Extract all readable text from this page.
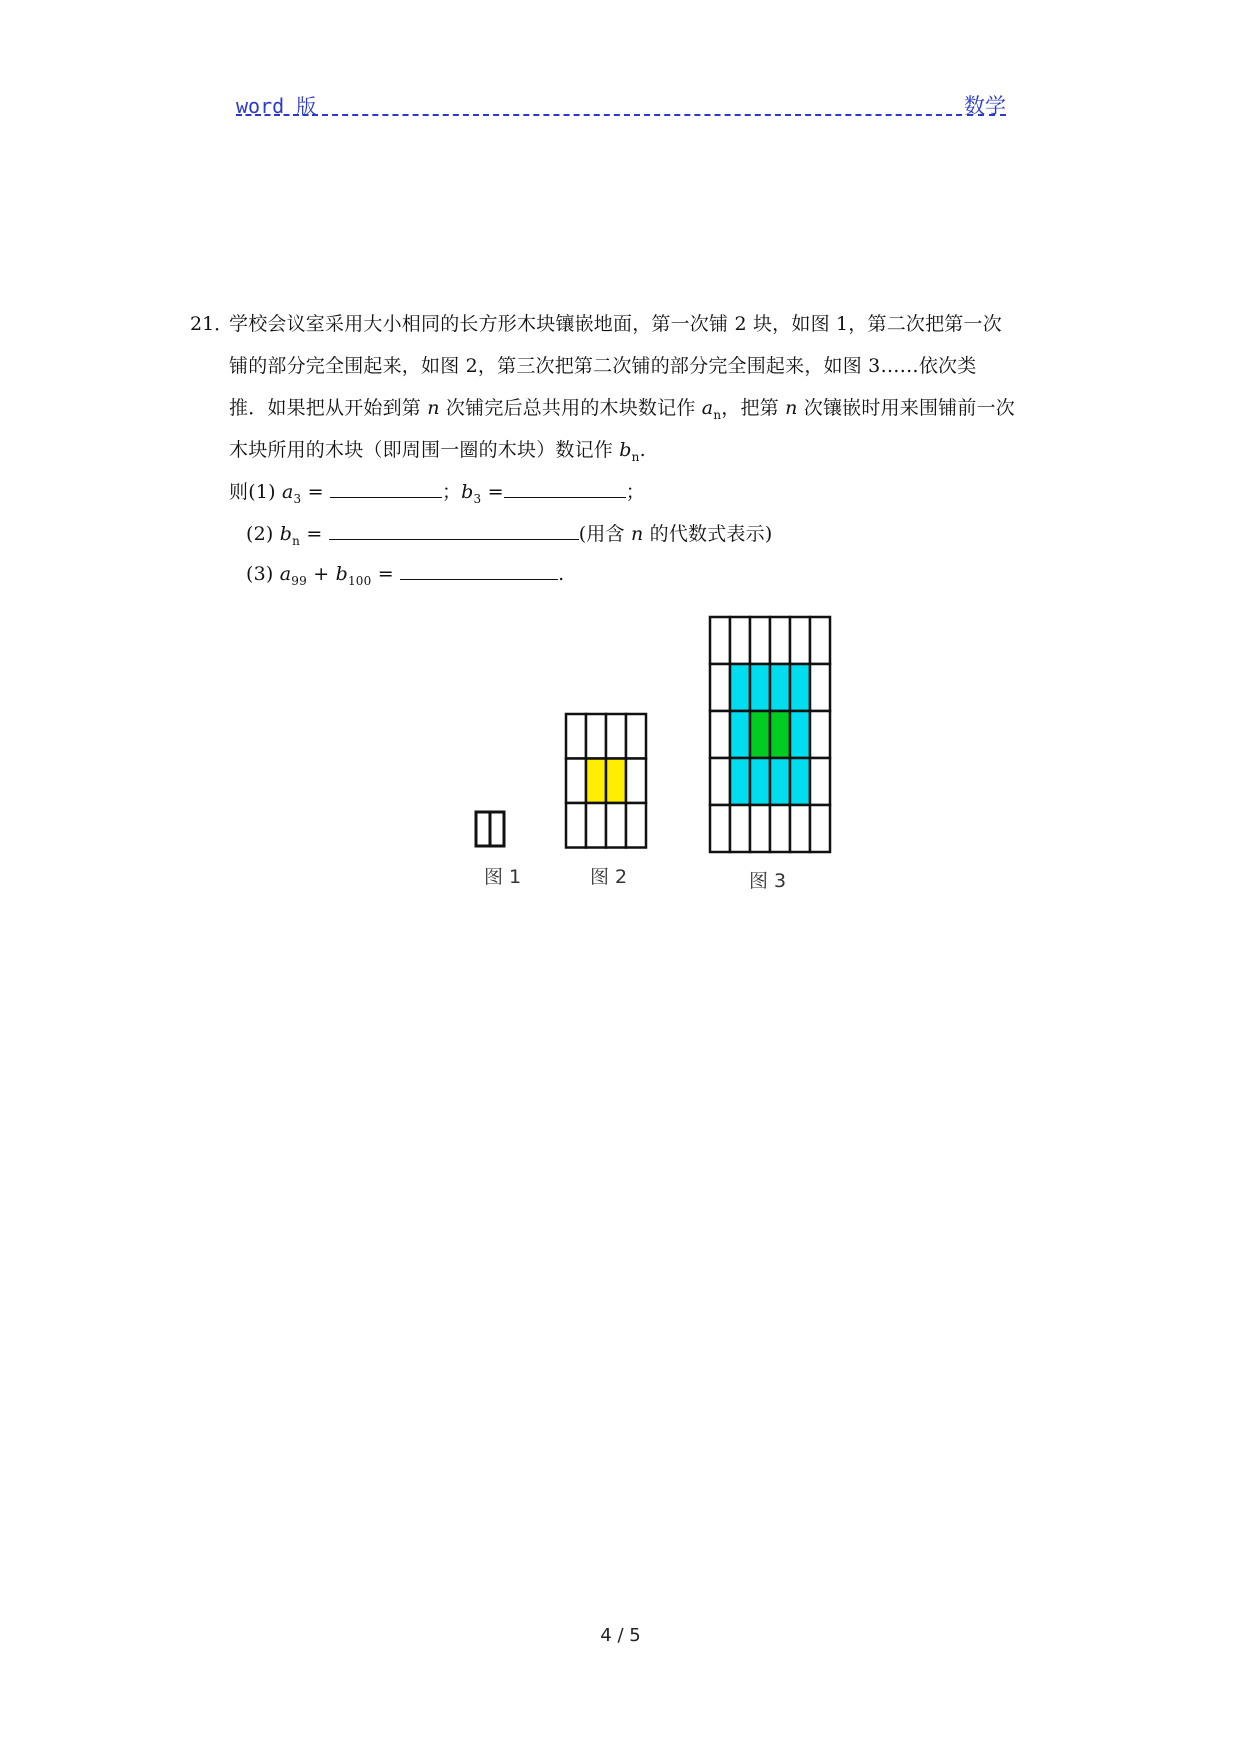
word 版	数学
21．
学校会议室采用大小相同的长方形木块镶嵌地面，第一次铺 2 块，如图 1，第二次把第一次
铺的部分完全围起来，如图 2，第三次把第二次铺的部分完全围起来，如图 3……依次类
推．如果把从开始到第 n 次铺完后总共用的木块数记作 $a_n$，把第 n 次镶嵌时用来围铺前一次
木块所用的木块（即周围一圈的木块）数记作 $b_n$.
则(1) $a_3$ =	；$b_3$ =	；
(2) $b_n$ =	(用含 n 的代数式表示)
(3) $a_{99} + b_{100}$ =	.
图 1	图 2	图 3
4 / 5
